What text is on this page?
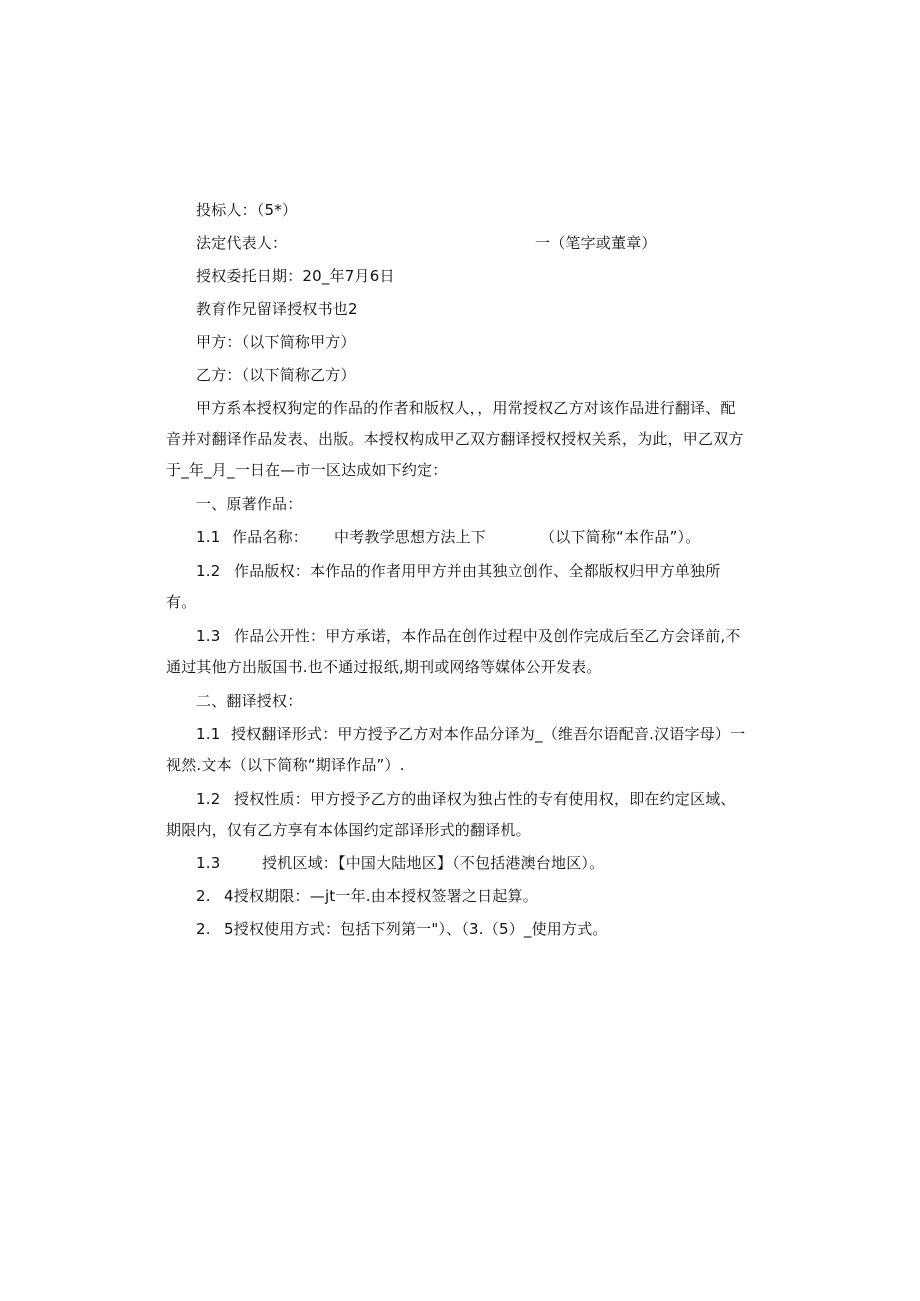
投标人：（5*）
法定代表人：	一（笔字或董章）
授权委托日期：20_年7月6日
教育作兄留译授权书也2
甲方：（以下简称甲方）
乙方：（以下简称乙方）
甲方系本授权狗定的作品的作者和版权人，，用常授权乙方对该作品进行翻译、配
音并对翻译作品发表、出版。本授权构成甲乙双方翻译授权授权关系，为此，甲乙双方
于_年_月_一日在—市一区达成如下约定：
一、原著作品：
1.1 作品名称： 中考教学思想方法上下	（以下简称“本作品”）。
1.2 作品版权：本作品的作者用甲方并由其独立创作、全都版权归甲方单独所
有。
1.3 作品公开性：甲方承诺，本作品在创作过程中及创作完成后至乙方会译前,不
通过其他方出版国书.也不通过报纸,期刊或网络等媒体公开发表。
二、翻译授权：
1.1 授权翻译形式：甲方授予乙方对本作品分译为_（维吾尔语配音.汉语字母）一
视然.文本（以下简称“期译作品”）.
1.2 授权性质：甲方授予乙方的曲译权为独占性的专有使用权，即在约定区域、
期限内，仅有乙方享有本体国约定部译形式的翻译机。
1.3	授机区域：【中国大陆地区】（不包括港澳台地区）。
2. 4授权期限：—jt一年.由本授权签署之日起算。
2. 5授权使用方式：包括下列第一"）、（3.（5）_使用方式。
